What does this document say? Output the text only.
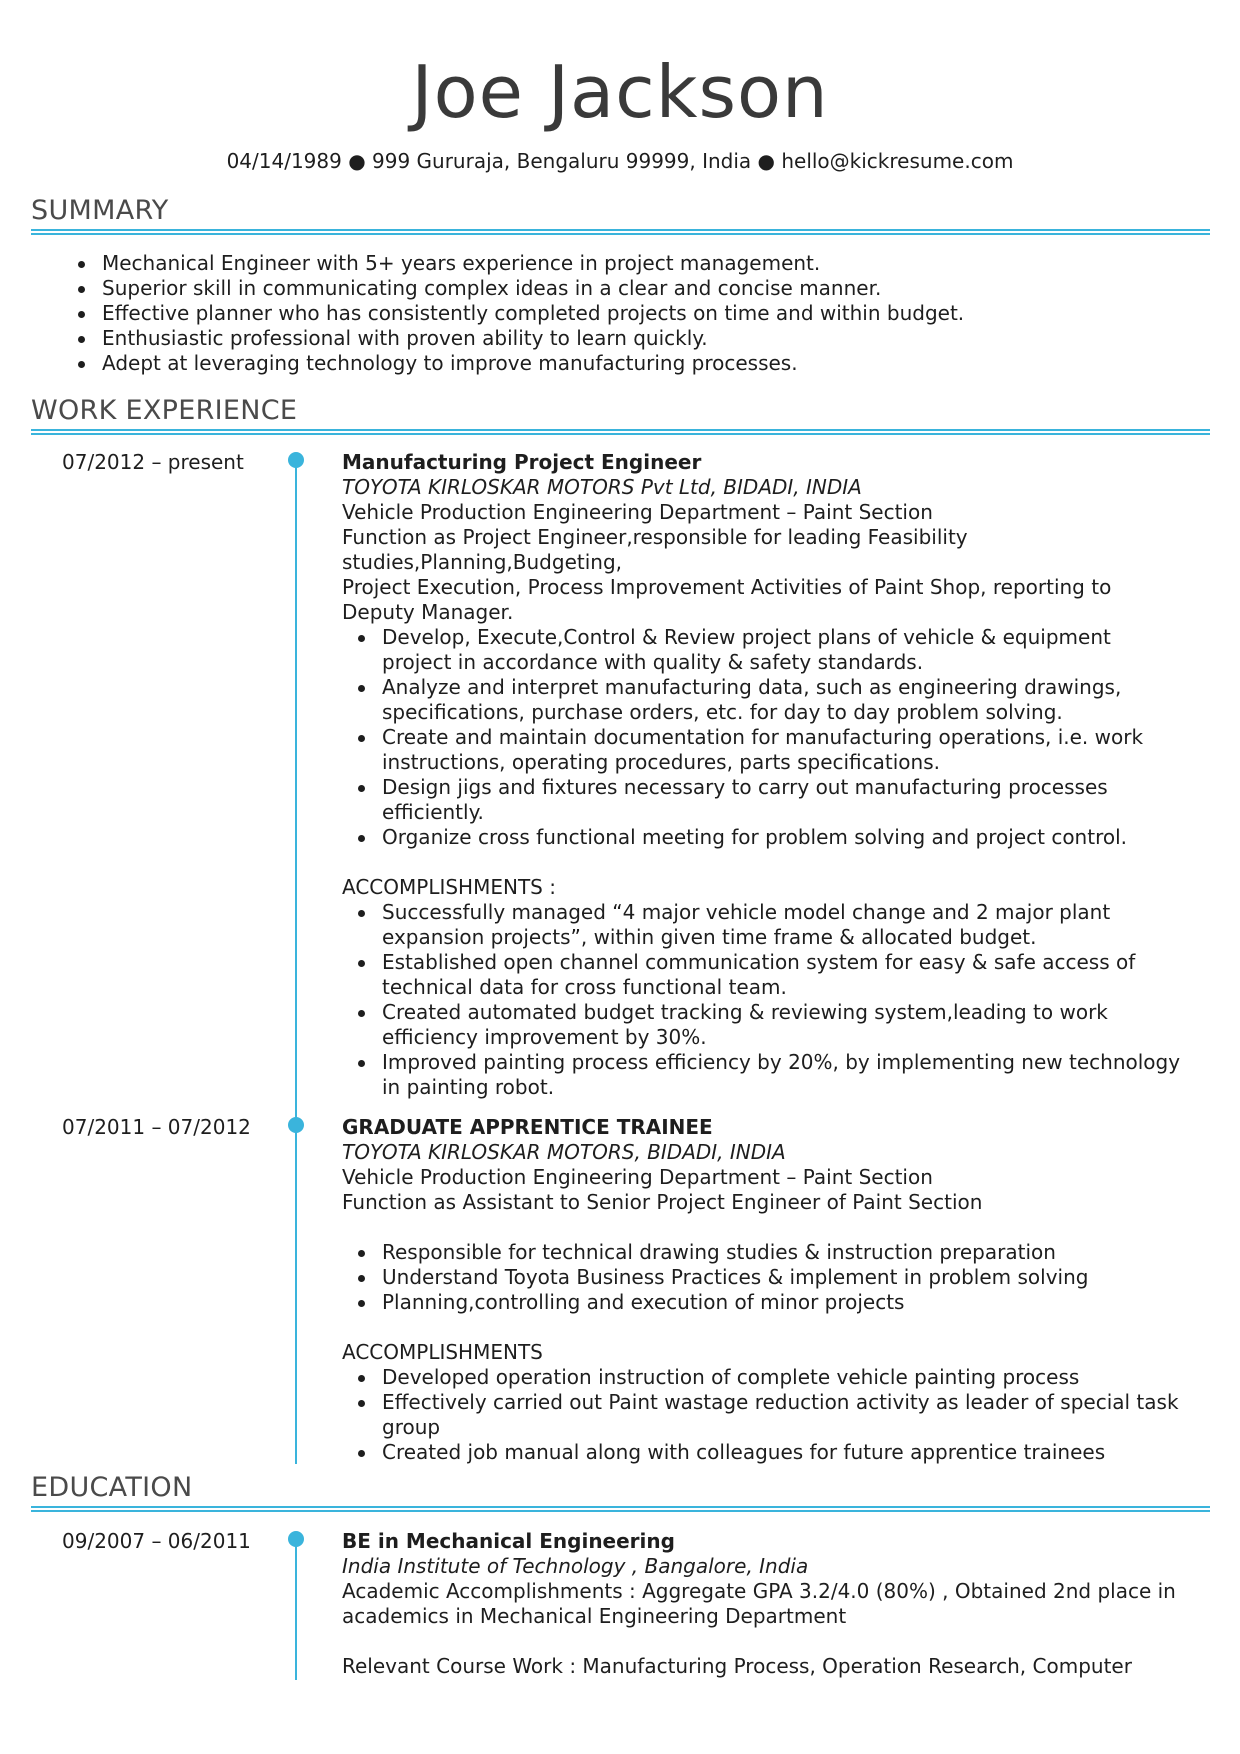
Joe Jackson
04/14/1989 ● 999 Gururaja, Bengaluru 99999, India ● hello@kickresume.com
SUMMARY
Mechanical Engineer with 5+ years experience in project management.
Superior skill in communicating complex ideas in a clear and concise manner.
Effective planner who has consistently completed projects on time and within budget.
Enthusiastic professional with proven ability to learn quickly.
Adept at leveraging technology to improve manufacturing processes.
WORK EXPERIENCE
07/2012 – present	Manufacturing Project Engineer
TOYOTA KIRLOSKAR MOTORS Pvt Ltd, BIDADI, INDIA
Vehicle Production Engineering Department – Paint Section
Function as Project Engineer,responsible for leading Feasibility studies,Planning,Budgeting,
Project Execution, Process Improvement Activities of Paint Shop, reporting to Deputy Manager.
Develop, Execute,Control & Review project plans of vehicle & equipment project in accordance with quality & safety standards.
Analyze and interpret manufacturing data, such as engineering drawings, specifications, purchase orders, etc. for day to day problem solving.
Create and maintain documentation for manufacturing operations, i.e. work instructions, operating procedures, parts specifications.
Design jigs and fixtures necessary to carry out manufacturing processes efficiently.
Organize cross functional meeting for problem solving and project control.
ACCOMPLISHMENTS :
Successfully managed “4 major vehicle model change and 2 major plant expansion projects”, within given time frame & allocated budget.
Established open channel communication system for easy & safe access of technical data for cross functional team.
Created automated budget tracking & reviewing system,leading to work efficiency improvement by 30%.
Improved painting process efficiency by 20%, by implementing new technology in painting robot.
07/2011 – 07/2012	GRADUATE APPRENTICE TRAINEE
TOYOTA KIRLOSKAR MOTORS, BIDADI, INDIA
Vehicle Production Engineering Department – Paint Section
Function as Assistant to Senior Project Engineer of Paint Section
Responsible for technical drawing studies & instruction preparation
Understand Toyota Business Practices & implement in problem solving
Planning,controlling and execution of minor projects
ACCOMPLISHMENTS
Developed operation instruction of complete vehicle painting process
Effectively carried out Paint wastage reduction activity as leader of special task group
Created job manual along with colleagues for future apprentice trainees
EDUCATION
09/2007 – 06/2011	BE in Mechanical Engineering
India Institute of Technology , Bangalore, India
Academic Accomplishments : Aggregate GPA 3.2/4.0 (80%) , Obtained 2nd place in academics in Mechanical Engineering Department
Relevant Course Work : Manufacturing Process, Operation Research, Computer
